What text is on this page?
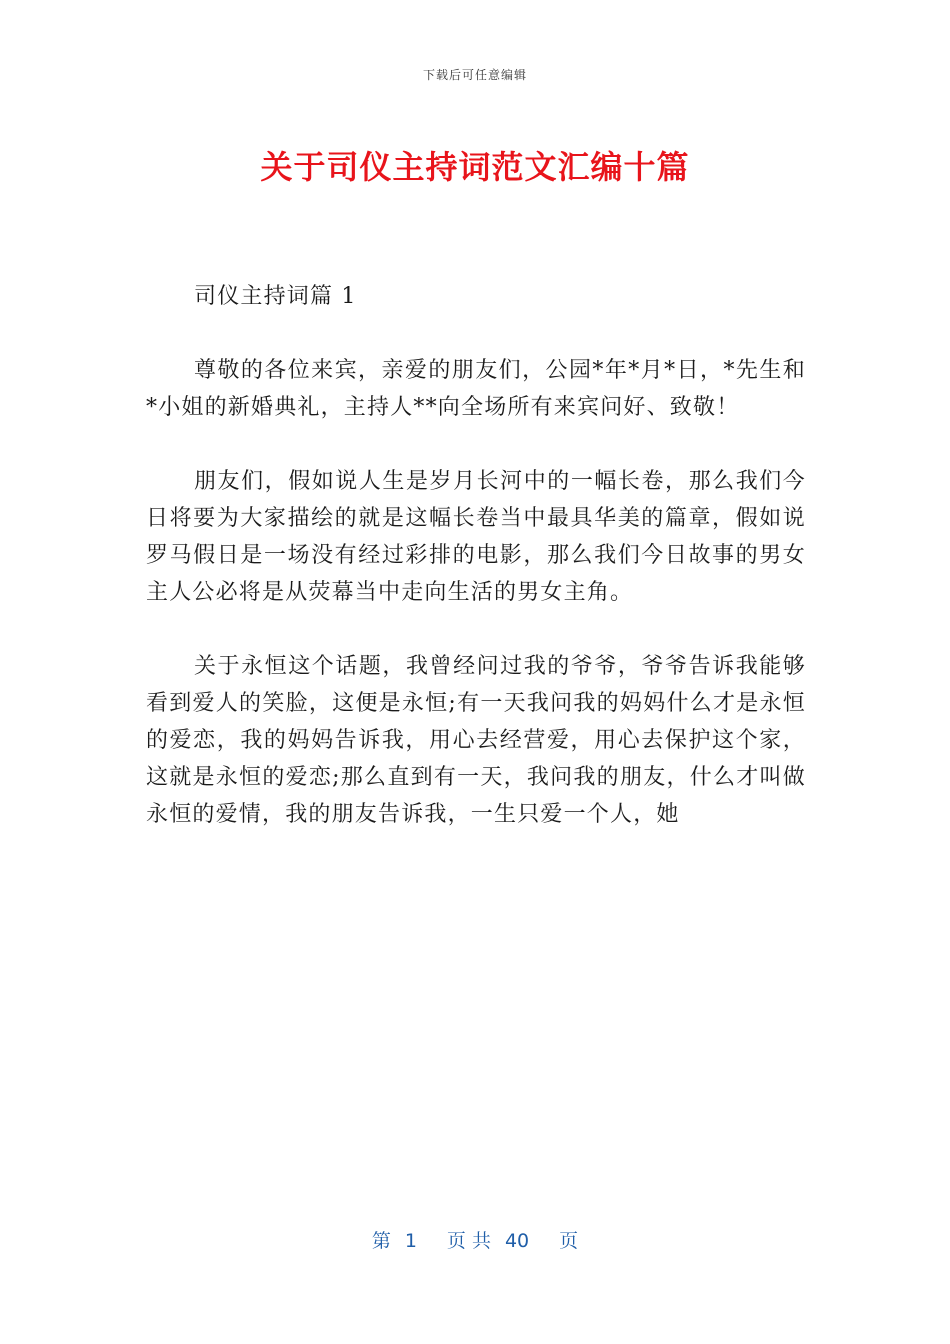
下载后可任意编辑
关于司仪主持词范文汇编十篇

司仪主持词篇 1

尊敬的各位来宾，亲爱的朋友们，公园*年*月*日，*先生和*小姐的新婚典礼，主持人**向全场所有来宾问好、致敬！

朋友们，假如说人生是岁月长河中的一幅长卷，那么我们今日将要为大家描绘的就是这幅长卷当中最具华美的篇章，假如说罗马假日是一场没有经过彩排的电影，那么我们今日故事的男女主人公必将是从荧幕当中走向生活的男女主角。

关于永恒这个话题，我曾经问过我的爷爷，爷爷告诉我能够看到爱人的笑脸，这便是永恒;有一天我问我的妈妈什么才是永恒的爱恋，我的妈妈告诉我，用心去经营爱，用心去保护这个家，这就是永恒的爱恋;那么直到有一天，我问我的朋友，什么才叫做永恒的爱情，我的朋友告诉我，一生只爱一个人，她

第 1 页 共 40 页
